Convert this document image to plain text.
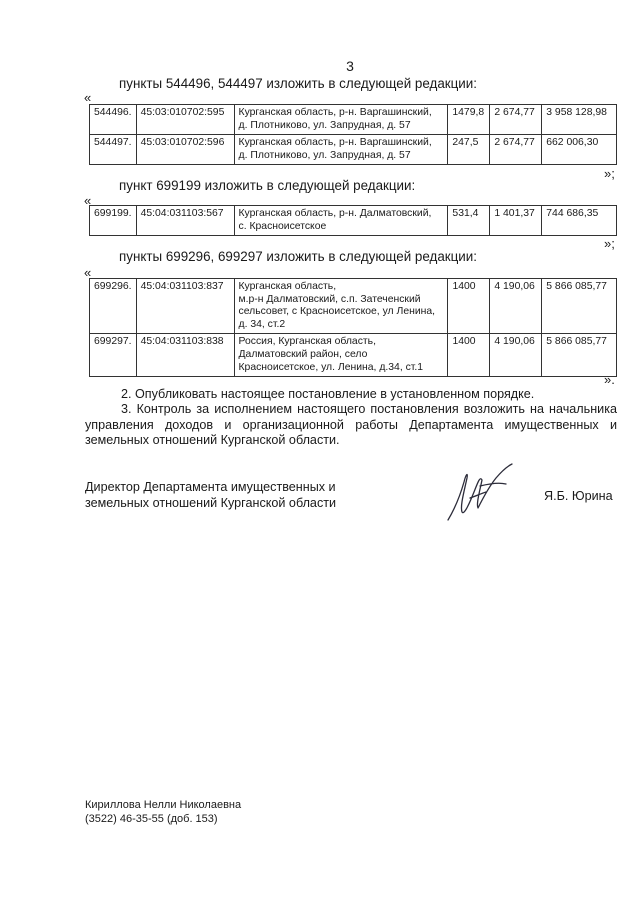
3
пункты 544496, 544497 изложить в следующей редакции:
«
544496.	45:03:010702:595	Курганская область, р-н. Варгашинский,
д. Плотниково, ул. Запрудная, д. 57	1479,8	2 674,77	3 958 128,98
544497.	45:03:010702:596	Курганская область, р-н. Варгашинский,
д. Плотниково, ул. Запрудная, д. 57	247,5	2 674,77	662 006,30
»;
пункт 699199 изложить в следующей редакции:
«
699199.	45:04:031103:567	Курганская область, р-н. Далматовский,
с. Красноисетское	531,4	1 401,37	744 686,35
»;
пункты 699296, 699297 изложить в следующей редакции:
«
699296.	45:04:031103:837	Курганская область,
м.р-н Далматовский, с.п. Затеченский
сельсовет, с Красноисетское, ул Ленина,
д. 34, ст.2	1400	4 190,06	5 866 085,77
699297.	45:04:031103:838	Россия, Курганская область,
Далматовский район, село
Красноисетское, ул. Ленина, д.34, ст.1	1400	4 190,06	5 866 085,77
».
2. Опубликовать настоящее постановление в установленном порядке.
3. Контроль за исполнением настоящего постановления возложить на начальника управления доходов и организационной работы Департамента имущественных и земельных отношений Курганской области.
Директор Департамента имущественных и
земельных отношений Курганской области	Я.Б. Юрина
Кириллова Нелли Николаевна
(3522) 46-35-55 (доб. 153)
